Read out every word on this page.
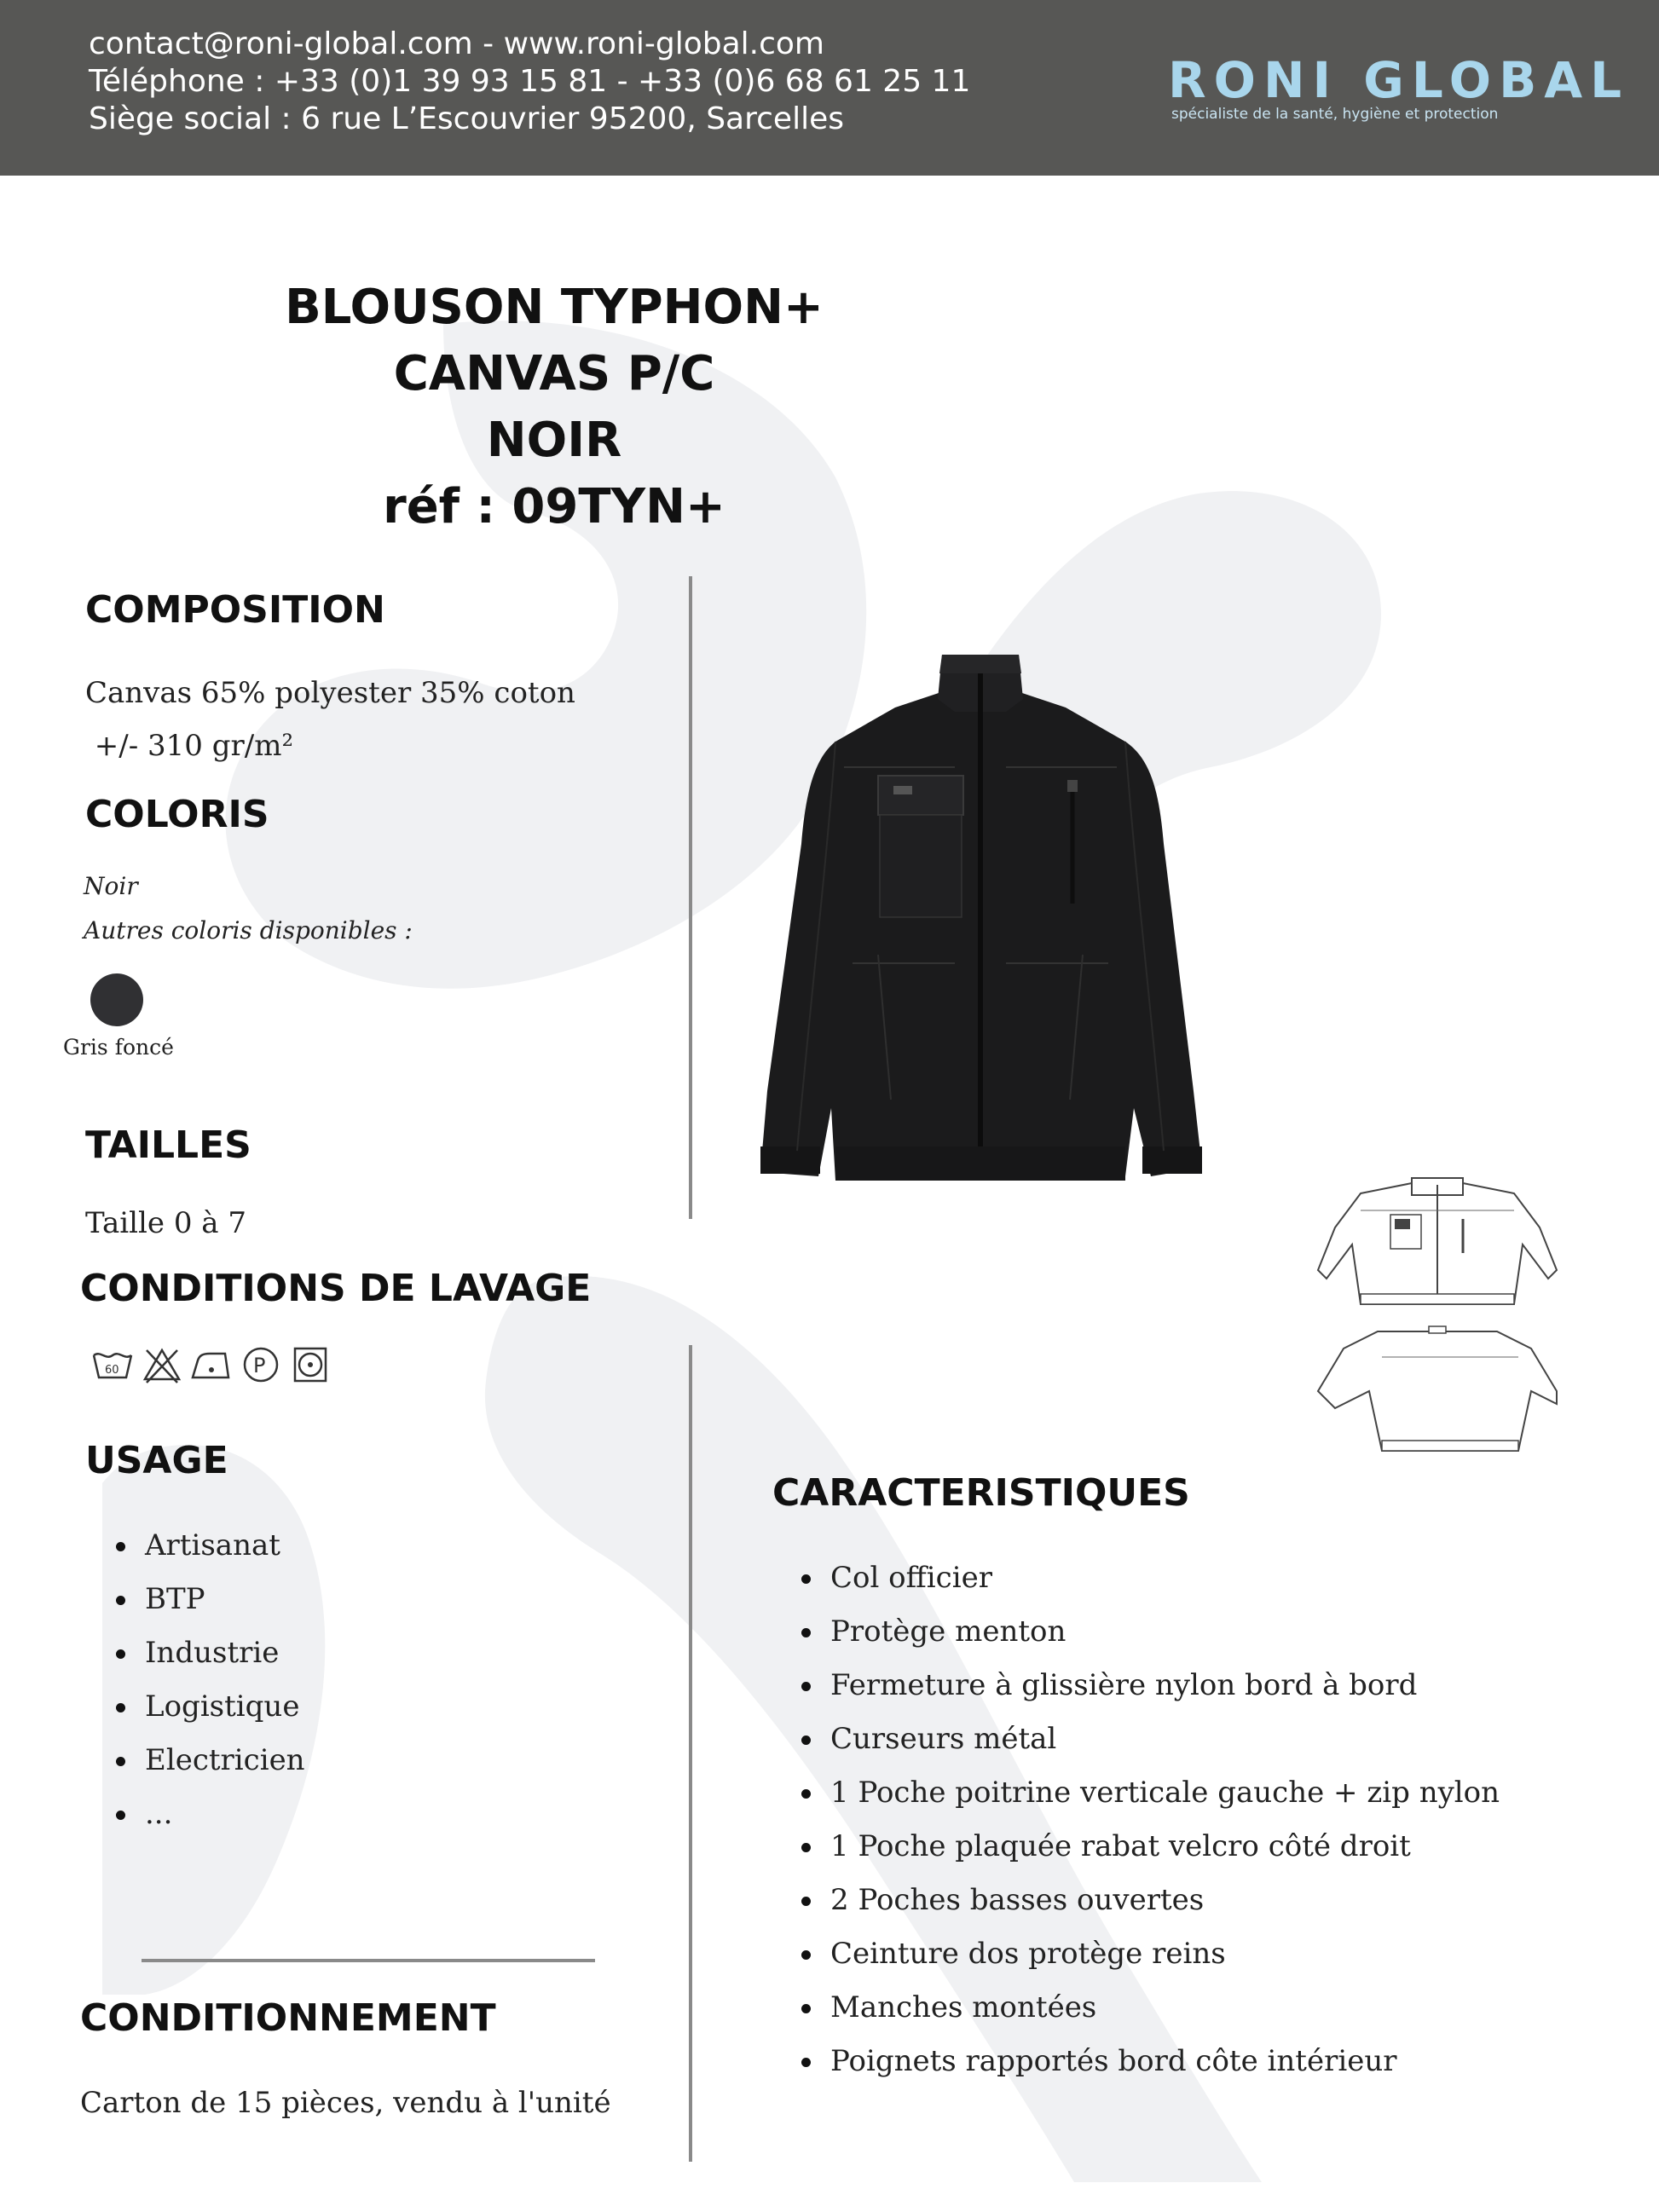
contact@roni-global.com - www.roni-global.com
Téléphone : +33 (0)1 39 93 15 81 - +33 (0)6 68 61 25 11
Siège social : 6 rue L’Escouvrier 95200, Sarcelles
RONI GLOBAL
spécialiste de la santé, hygiène et protection
BLOUSON TYPHON+
CANVAS P/C
NOIR
réf : 09TYN+
COMPOSITION
Canvas 65% polyester 35% coton
+/- 310 gr/m²
COLORIS
Noir
Autres coloris disponibles :
Gris foncé
TAILLES
Taille 0 à 7
CONDITIONS DE LAVAGE
60	P
USAGE
Artisanat
BTP
Industrie
Logistique
Electricien
...
CONDITIONNEMENT
Carton de 15 pièces, vendu à l'unité
CARACTERISTIQUES
Col officier
Protège menton
Fermeture à glissière nylon bord à bord
Curseurs métal
1 Poche poitrine verticale gauche + zip nylon
1 Poche plaquée rabat velcro côté droit
2 Poches basses ouvertes
Ceinture dos protège reins
Manches montées
Poignets rapportés bord côte intérieur
